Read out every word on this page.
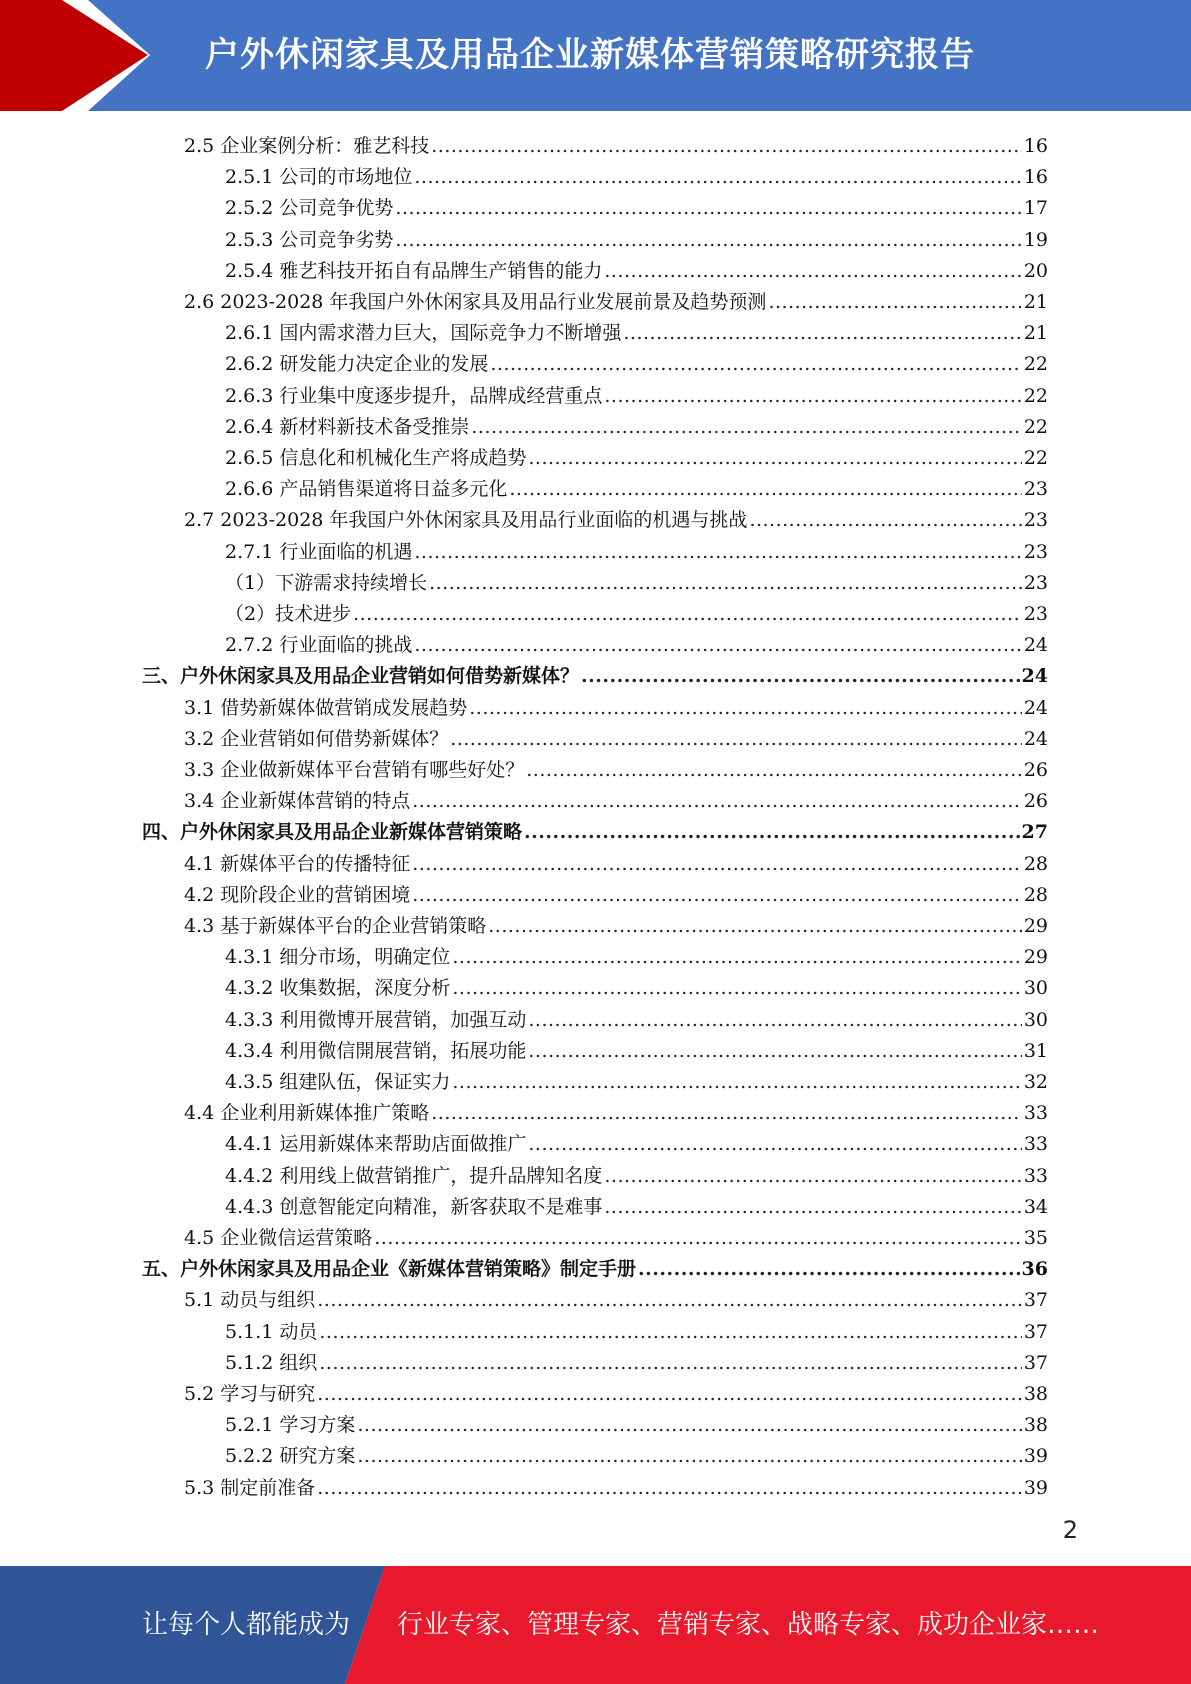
户外休闲家具及用品企业新媒体营销策略研究报告
2.5 企业案例分析：雅艺科技 .....	16
2.5.1 公司的市场地位 .....	16
2.5.2 公司竞争优势 .....	17
2.5.3 公司竞争劣势 .....	19
2.5.4 雅艺科技开拓自有品牌生产销售的能力 .....	20
2.6 2023-2028 年我国户外休闲家具及用品行业发展前景及趋势预测 .....	21
2.6.1 国内需求潜力巨大，国际竞争力不断增强 .....	21
2.6.2 研发能力决定企业的发展 .....	22
2.6.3 行业集中度逐步提升，品牌成经营重点 .....	22
2.6.4 新材料新技术备受推崇 .....	22
2.6.5 信息化和机械化生产将成趋势 .....	22
2.6.6 产品销售渠道将日益多元化 .....	23
2.7 2023-2028 年我国户外休闲家具及用品行业面临的机遇与挑战 .....	23
2.7.1 行业面临的机遇 .....	23
（1）下游需求持续增长 .....	23
（2）技术进步 .....	23
2.7.2 行业面临的挑战 .....	24
三、户外休闲家具及用品企业营销如何借势新媒体？ .....	24
3.1 借势新媒体做营销成发展趋势 .....	24
3.2 企业营销如何借势新媒体？ .....	24
3.3 企业做新媒体平台营销有哪些好处？ .....	26
3.4 企业新媒体营销的特点 .....	26
四、户外休闲家具及用品企业新媒体营销策略 .....	27
4.1 新媒体平台的传播特征 .....	28
4.2 现阶段企业的营销困境 .....	28
4.3 基于新媒体平台的企业营销策略 .....	29
4.3.1 细分市场，明确定位 .....	29
4.3.2 收集数据，深度分析 .....	30
4.3.3 利用微博开展营销，加强互动 .....	30
4.3.4 利用微信開展营销，拓展功能 .....	31
4.3.5 组建队伍，保证实力 .....	32
4.4 企业利用新媒体推广策略 .....	33
4.4.1 运用新媒体来帮助店面做推广 .....	33
4.4.2 利用线上做营销推广，提升品牌知名度 .....	33
4.4.3 创意智能定向精准，新客获取不是难事 .....	34
4.5 企业微信运营策略 .....	35
五、户外休闲家具及用品企业《新媒体营销策略》制定手册 .....	36
5.1 动员与组织 .....	37
5.1.1 动员 .....	37
5.1.2 组织 .....	37
5.2 学习与研究 .....	38
5.2.1 学习方案 .....	38
5.2.2 研究方案 .....	39
5.3 制定前准备 .....	39
2
让每个人都能成为 行业专家、管理专家、营销专家、战略专家、成功企业家……
